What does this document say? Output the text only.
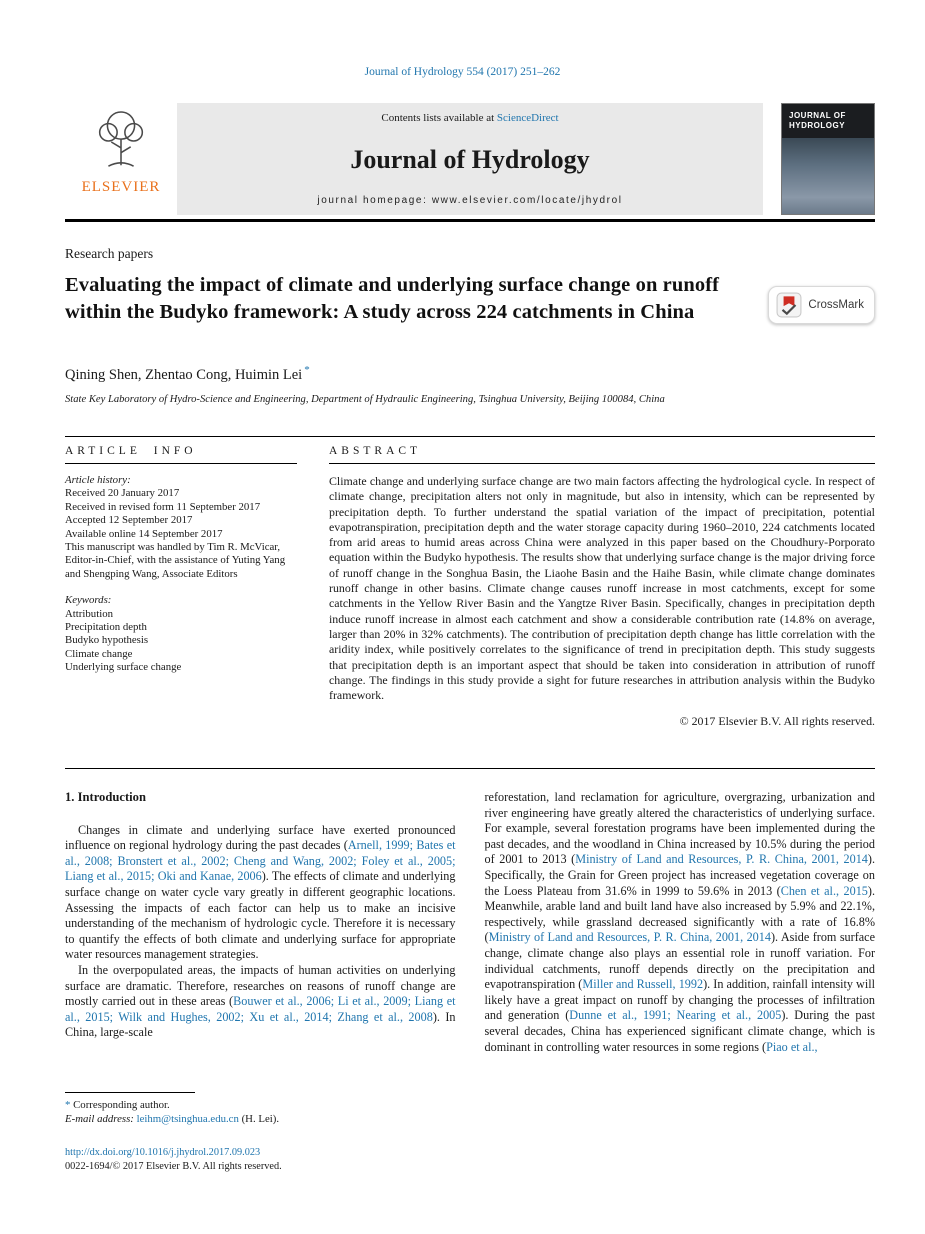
Journal of Hydrology 554 (2017) 251–262
ELSEVIER
Contents lists available at ScienceDirect
Journal of Hydrology
journal homepage: www.elsevier.com/locate/jhydrol
JOURNAL OF HYDROLOGY
Research papers
Evaluating the impact of climate and underlying surface change on runoff within the Budyko framework: A study across 224 catchments in China	CrossMark
Qining Shen, Zhentao Cong, Huimin Lei *
State Key Laboratory of Hydro-Science and Engineering, Department of Hydraulic Engineering, Tsinghua University, Beijing 100084, China
ARTICLE INFO
Article history:
Received 20 January 2017
Received in revised form 11 September 2017
Accepted 12 September 2017
Available online 14 September 2017
This manuscript was handled by Tim R. McVicar, Editor-in-Chief, with the assistance of Yuting Yang and Shengping Wang, Associate Editors
Keywords:
Attribution
Precipitation depth
Budyko hypothesis
Climate change
Underlying surface change
ABSTRACT

Climate change and underlying surface change are two main factors affecting the hydrological cycle. In respect of climate change, precipitation alters not only in magnitude, but also in intensity, which can be represented by precipitation depth. To further understand the spatial variation of the impact of precipitation, potential evapotranspiration, precipitation depth and the water storage capacity during 1960–2010, 224 catchments located from arid areas to humid areas across China were analyzed in this paper based on the Choudhury-Porporato equation within the Budyko hypothesis. The results show that underlying surface change is the major driving force of runoff change in the Songhua Basin, the Liaohe Basin and the Haihe Basin, while climate change dominates runoff change in other basins. Climate change causes runoff increase in most catchments, except for some catchments in the Yellow River Basin and the Yangtze River Basin. Specifically, changes in precipitation depth induce runoff increase in almost each catchment and show a considerable contribution rate (14.8% on average, larger than 20% in 32% catchments). The contribution of precipitation depth change has little correlation with the aridity index, while positively correlates to the significance of trend in precipitation depth. This study suggests that precipitation depth is an important aspect that should be taken into consideration in attribution of runoff change. The findings in this study provide a sight for future researches in attribution analysis within the Budyko framework.

© 2017 Elsevier B.V. All rights reserved.
1. Introduction

Changes in climate and underlying surface have exerted pronounced influence on regional hydrology during the past decades (Arnell, 1999; Bates et al., 2008; Bronstert et al., 2002; Cheng and Wang, 2002; Foley et al., 2005; Liang et al., 2015; Oki and Kanae, 2006). The effects of climate and underlying surface change on water cycle vary greatly in different geographic locations. Assessing the impacts of each factor can help us to make an incisive understanding of the mechanism of hydrologic cycle. Therefore it is necessary to quantify the effects of both climate and underlying surface for appropriate water resources management strategies.

In the overpopulated areas, the impacts of human activities on underlying surface are dramatic. Therefore, researches on reasons of runoff change are mostly carried out in these areas (Bouwer et al., 2006; Li et al., 2009; Liang et al., 2015; Wilk and Hughes, 2002; Xu et al., 2014; Zhang et al., 2008). In China, large-scale

reforestation, land reclamation for agriculture, overgrazing, urbanization and river engineering have greatly altered the characteristics of underlying surface. For example, several forestation programs have been implemented during the past decades, and the woodland in China increased by 10.5% during the period of 2001 to 2013 (Ministry of Land and Resources, P. R. China, 2001, 2014). Specifically, the Grain for Green project has increased vegetation coverage on the Loess Plateau from 31.6% in 1999 to 59.6% in 2013 (Chen et al., 2015). Meanwhile, arable land and built land have also increased by 5.9% and 22.1%, respectively, while grassland decreased significantly with a rate of 16.8% (Ministry of Land and Resources, P. R. China, 2001, 2014). Aside from surface change, climate change also plays an essential role in runoff variation. For individual catchments, runoff depends directly on the precipitation and evapotranspiration (Miller and Russell, 1992). In addition, rainfall intensity will likely have a great impact on runoff by changing the processes of infiltration and generation (Dunne et al., 1991; Nearing et al., 2005). During the past several decades, China has experienced significant climate change, which is dominant in controlling water resources in some regions (Piao et al.,

* Corresponding author.
E-mail address: leihm@tsinghua.edu.cn (H. Lei).
http://dx.doi.org/10.1016/j.jhydrol.2017.09.023
0022-1694/© 2017 Elsevier B.V. All rights reserved.
